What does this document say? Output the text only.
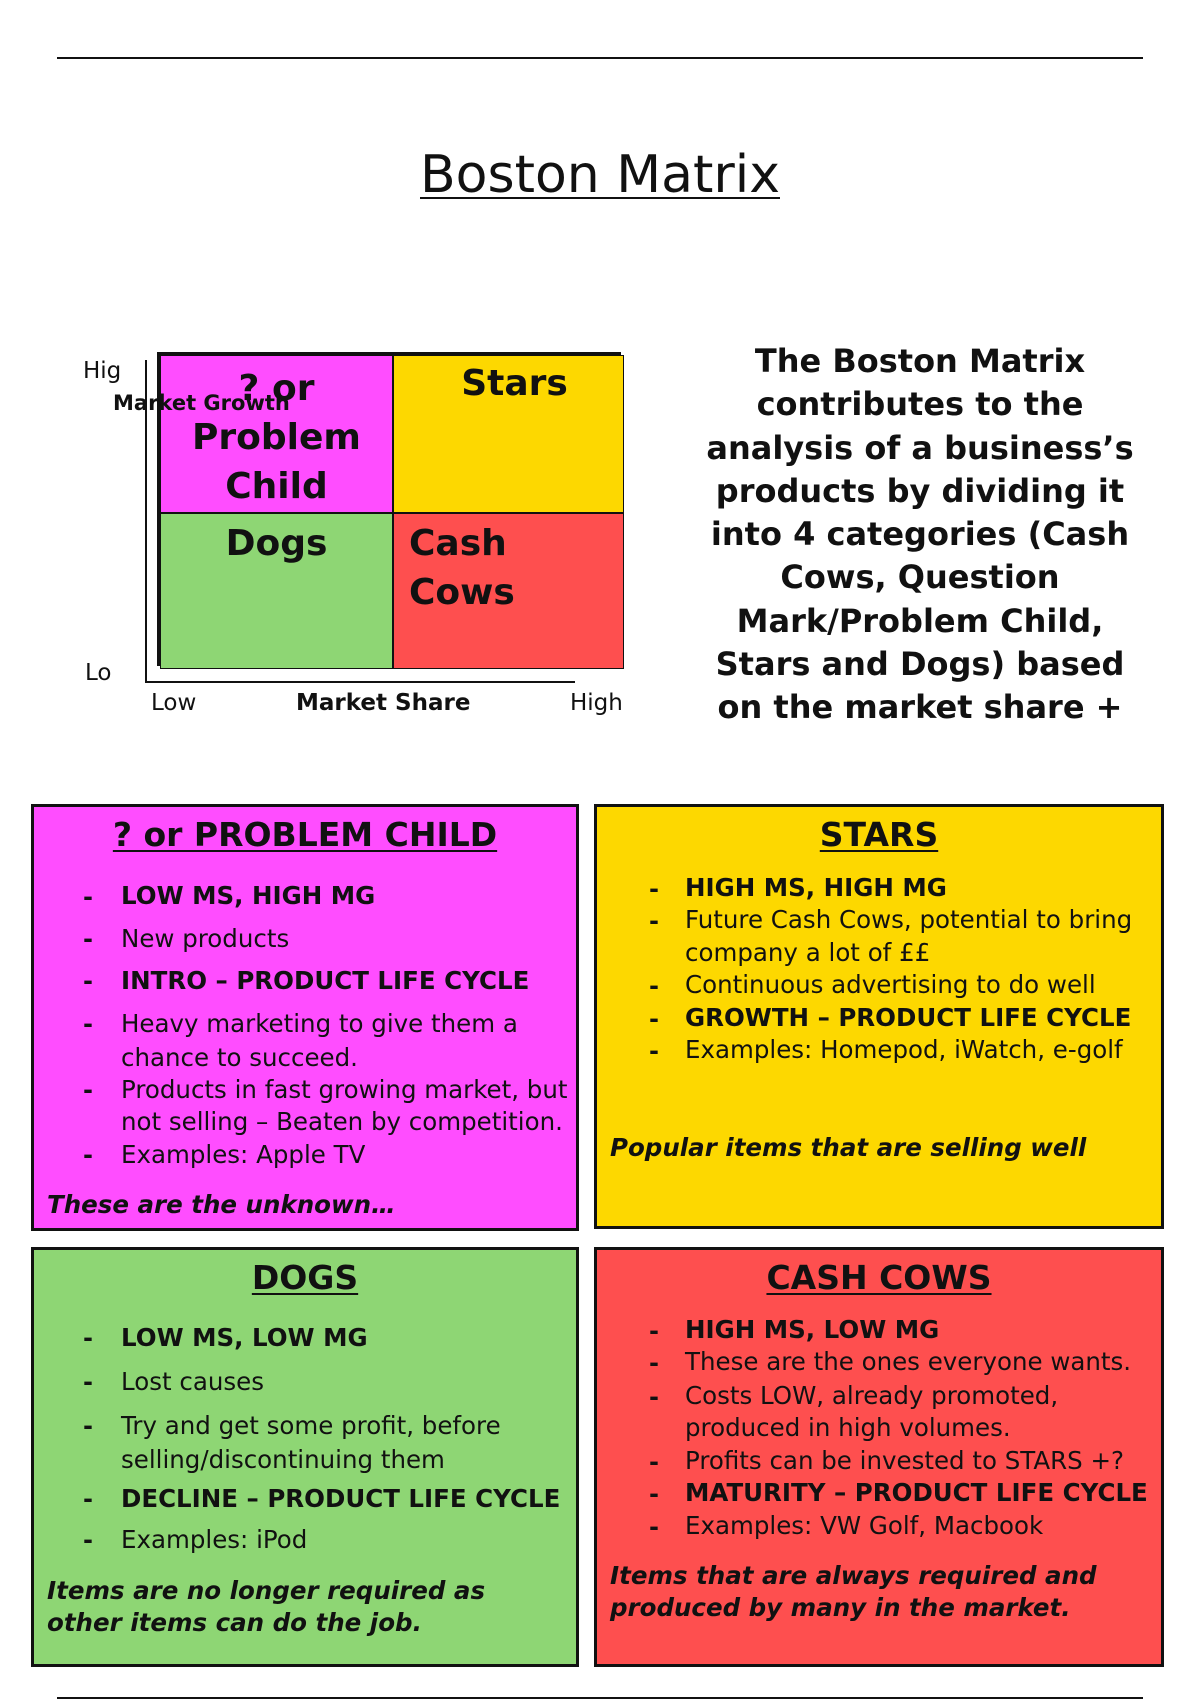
Boston Matrix
? or
Problem
Child
Stars
Dogs	Cash
Cows
Hig
Lo
Market Growth
Low	Market Share	High
The Boston Matrix
contributes to the
analysis of a business’s
products by dividing it
into 4 categories (Cash
Cows, Question
Mark/Problem Child,
Stars and Dogs) based
on the market share +
? or PROBLEM CHILD
- LOW MS, HIGH MG
- New products
- INTRO – PRODUCT LIFE CYCLE
- Heavy marketing to give them a
chance to succeed.
- Products in fast growing market, but
not selling – Beaten by competition.
- Examples: Apple TV
These are the unknown…
STARS
- HIGH MS, HIGH MG
- Future Cash Cows, potential to bring
company a lot of ££
- Continuous advertising to do well
- GROWTH – PRODUCT LIFE CYCLE
- Examples: Homepod, iWatch, e-golf
Popular items that are selling well
DOGS
- LOW MS, LOW MG
- Lost causes
- Try and get some profit, before
selling/discontinuing them
- DECLINE – PRODUCT LIFE CYCLE
- Examples: iPod
Items are no longer required as
other items can do the job.
CASH COWS
- HIGH MS, LOW MG
- These are the ones everyone wants.
- Costs LOW, already promoted,
produced in high volumes.
- Profits can be invested to STARS +?
- MATURITY – PRODUCT LIFE CYCLE
- Examples: VW Golf, Macbook
Items that are always required and
produced by many in the market.
